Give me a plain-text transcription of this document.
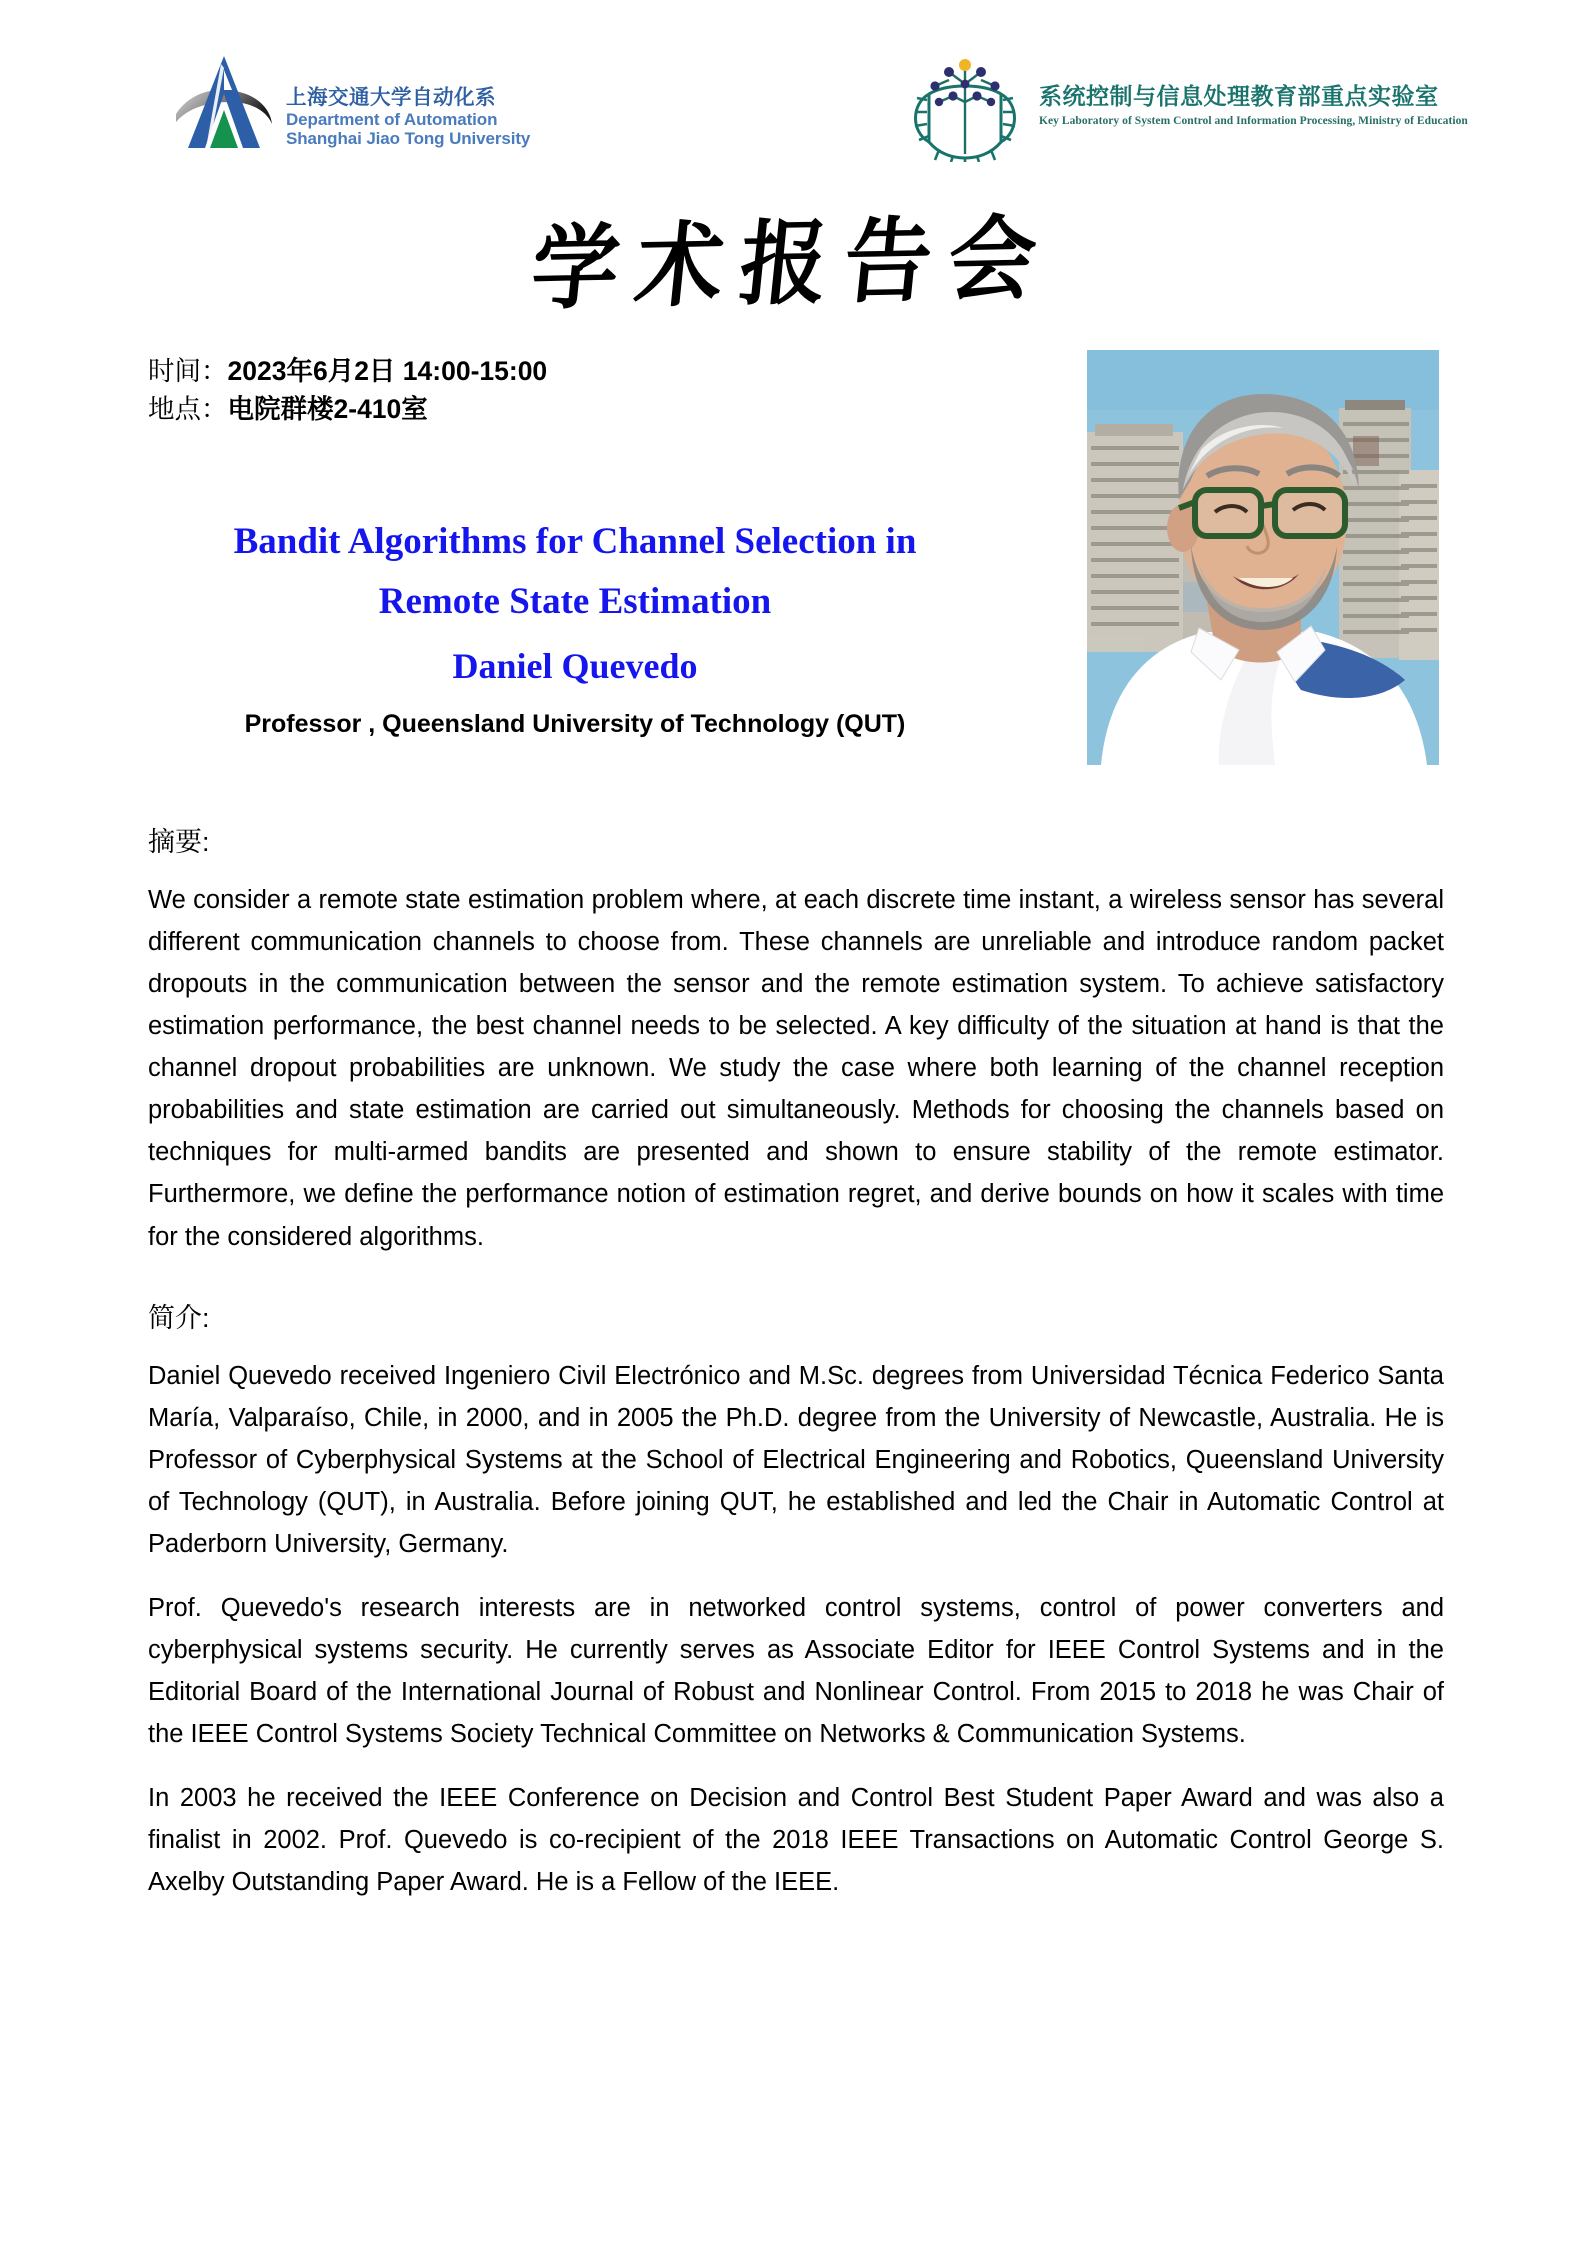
上海交通大学自动化系
Department of Automation
Shanghai Jiao Tong University
系统控制与信息处理教育部重点实验室
Key Laboratory of System Control and Information Processing, Ministry of Education
学术报告会
时间：2023年6月2日 14:00-15:00
地点：电院群楼2-410室
Bandit Algorithms for Channel Selection in
Remote State Estimation
Daniel Quevedo
Professor , Queensland University of Technology (QUT)
摘要:

We consider a remote state estimation problem where, at each discrete time instant, a wireless sensor has several different communication channels to choose from. These channels are unreliable and introduce random packet dropouts in the communication between the sensor and the remote estimation system. To achieve satisfactory estimation performance, the best channel needs to be selected. A key difficulty of the situation at hand is that the channel dropout probabilities are unknown. We study the case where both learning of the channel reception probabilities and state estimation are carried out simultaneously. Methods for choosing the channels based on techniques for multi-armed bandits are presented and shown to ensure stability of the remote estimator. Furthermore, we define the performance notion of estimation regret, and derive bounds on how it scales with time for the considered algorithms.

简介:

Daniel Quevedo received Ingeniero Civil Electrónico and M.Sc. degrees from Universidad Técnica Federico Santa María, Valparaíso, Chile, in 2000, and in 2005 the Ph.D. degree from the University of Newcastle, Australia. He is Professor of Cyberphysical Systems at the School of Electrical Engineering and Robotics, Queensland University of Technology (QUT), in Australia. Before joining QUT, he established and led the Chair in Automatic Control at Paderborn University, Germany.

Prof. Quevedo's research interests are in networked control systems, control of power converters and cyberphysical systems security. He currently serves as Associate Editor for IEEE Control Systems and in the Editorial Board of the International Journal of Robust and Nonlinear Control. From 2015 to 2018 he was Chair of the IEEE Control Systems Society Technical Committee on Networks & Communication Systems.

In 2003 he received the IEEE Conference on Decision and Control Best Student Paper Award and was also a finalist in 2002. Prof. Quevedo is co-recipient of the 2018 IEEE Transactions on Automatic Control George S. Axelby Outstanding Paper Award. He is a Fellow of the IEEE.
